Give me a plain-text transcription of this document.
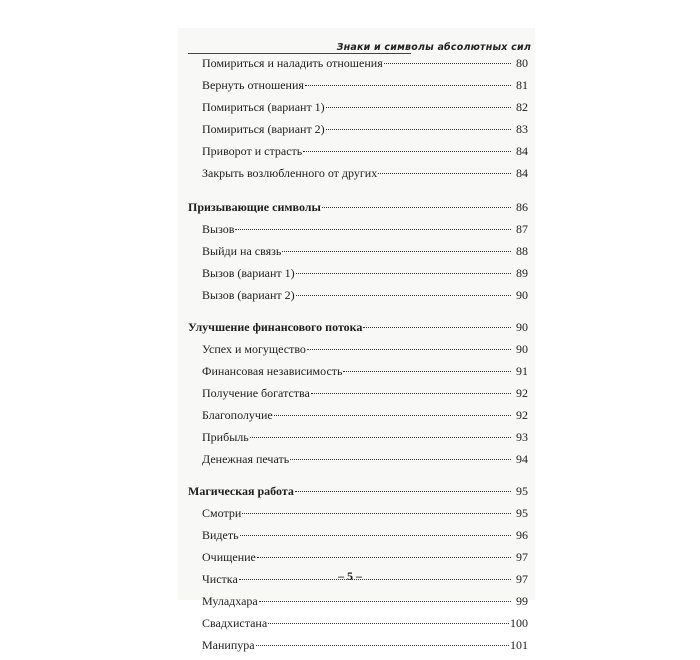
Знаки и символы абсолютных сил
Помириться и наладить отношения	80
Вернуть отношения	81
Помириться (вариант 1)	82
Помириться (вариант 2)	83
Приворот и страсть	84
Закрыть возлюбленного от других	84
Призывающие символы	86
Вызов	87
Выйди на связь	88
Вызов (вариант 1)	89
Вызов (вариант 2)	90
Улучшение финансового потока	90
Успех и могущество	90
Финансовая независимость	91
Получение богатства	92
Благополучие	92
Прибыль	93
Денежная печать	94
Магическая работа	95
Смотри	95
Видеть	96
Очищение	97
Чистка	97
Муладхара	99
Свадхистана	100
Манипура	101
– 5 –
